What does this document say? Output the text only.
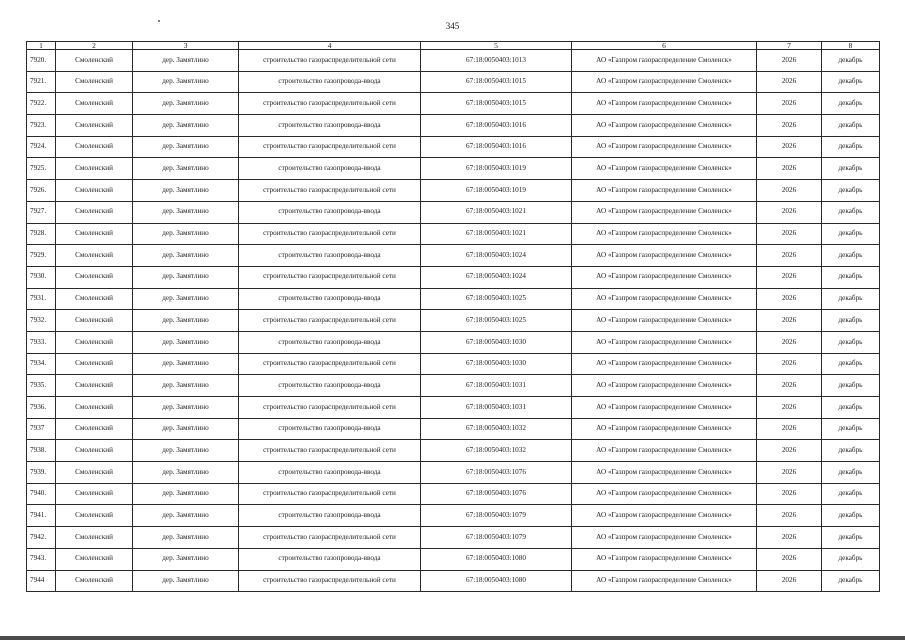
345
1	2	3	4	5	6	7	8
7920.	Смоленский	дер. Замятлино	строительство газораспределительной сети	67:18:0050403:1013	АО «Газпром газораспределение Смоленск»	2026	декабрь
7921.	Смоленский	дер. Замятлино	строительство газопровода-ввода	67:18:0050403:1015	АО «Газпром газораспределение Смоленск»	2026	декабрь
7922.	Смоленский	дер. Замятлино	строительство газораспределительной сети	67:18:0050403:1015	АО «Газпром газораспределение Смоленск»	2026	декабрь
7923.	Смоленский	дер. Замятлино	строительство газопровода-ввода	67:18:0050403:1016	АО «Газпром газораспределение Смоленск»	2026	декабрь
7924.	Смоленский	дер. Замятлино	строительство газораспределительной сети	67:18:0050403:1016	АО «Газпром газораспределение Смоленск»	2026	декабрь
7925.	Смоленский	дер. Замятлино	строительство газопровода-ввода	67:18:0050403:1019	АО «Газпром газораспределение Смоленск»	2026	декабрь
7926.	Смоленский	дер. Замятлино	строительство газораспределительной сети	67:18:0050403:1019	АО «Газпром газораспределение Смоленск»	2026	декабрь
7927.	Смоленский	дер. Замятлино	строительство газопровода-ввода	67:18:0050403:1021	АО «Газпром газораспределение Смоленск»	2026	декабрь
7928.	Смоленский	дер. Замятлино	строительство газораспределительной сети	67:18:0050403:1021	АО «Газпром газораспределение Смоленск»	2026	декабрь
7929.	Смоленский	дер. Замятлино	строительство газопровода-ввода	67:18:0050403:1024	АО «Газпром газораспределение Смоленск»	2026	декабрь
7930.	Смоленский	дер. Замятлино	строительство газораспределительной сети	67:18:0050403:1024	АО «Газпром газораспределение Смоленск»	2026	декабрь
7931.	Смоленский	дер. Замятлино	строительство газопровода-ввода	67:18:0050403:1025	АО «Газпром газораспределение Смоленск»	2026	декабрь
7932.	Смоленский	дер. Замятлино	строительство газораспределительной сети	67:18:0050403:1025	АО «Газпром газораспределение Смоленск»	2026	декабрь
7933.	Смоленский	дер. Замятлино	строительство газопровода-ввода	67:18:0050403:1030	АО «Газпром газораспределение Смоленск»	2026	декабрь
7934.	Смоленский	дер. Замятлино	строительство газораспределительной сети	67:18:0050403:1030	АО «Газпром газораспределение Смоленск»	2026	декабрь
7935.	Смоленский	дер. Замятлино	строительство газопровода-ввода	67:18:0050403:1031	АО «Газпром газораспределение Смоленск»	2026	декабрь
7936.	Смоленский	дер. Замятлино	строительство газораспределительной сети	67:18:0050403:1031	АО «Газпром газораспределение Смоленск»	2026	декабрь
7937	Смоленский	дер. Замятлино	строительство газопровода-ввода	67:18:0050403:1032	АО «Газпром газораспределение Смоленск»	2026	декабрь
7938.	Смоленский	дер. Замятлино	строительство газораспределительной сети	67:18:0050403:1032	АО «Газпром газораспределение Смоленск»	2026	декабрь
7939.	Смоленский	дер. Замятлино	строительство газопровода-ввода	67:18:0050403:1076	АО «Газпром газораспределение Смоленск»	2026	декабрь
7940.	Смоленский	дер. Замятлино	строительство газораспределительной сети	67:18:0050403:1076	АО «Газпром газораспределение Смоленск»	2026	декабрь
7941.	Смоленский	дер. Замятлино	строительство газопровода-ввода	67:18:0050403:1079	АО «Газпром газораспределение Смоленск»	2026	декабрь
7942.	Смоленский	дер. Замятлино	строительство газораспределительной сети	67:18:0050403:1079	АО «Газпром газораспределение Смоленск»	2026	декабрь
7943.	Смоленский	дер. Замятлино	строительство газопровода-ввода	67:18:0050403:1080	АО «Газпром газораспределение Смоленск»	2026	декабрь
7944	Смоленский	дер. Замятлино	строительство газораспределительной сети	67:18:0050403:1080	АО «Газпром газораспределение Смоленск»	2026	декабрь
